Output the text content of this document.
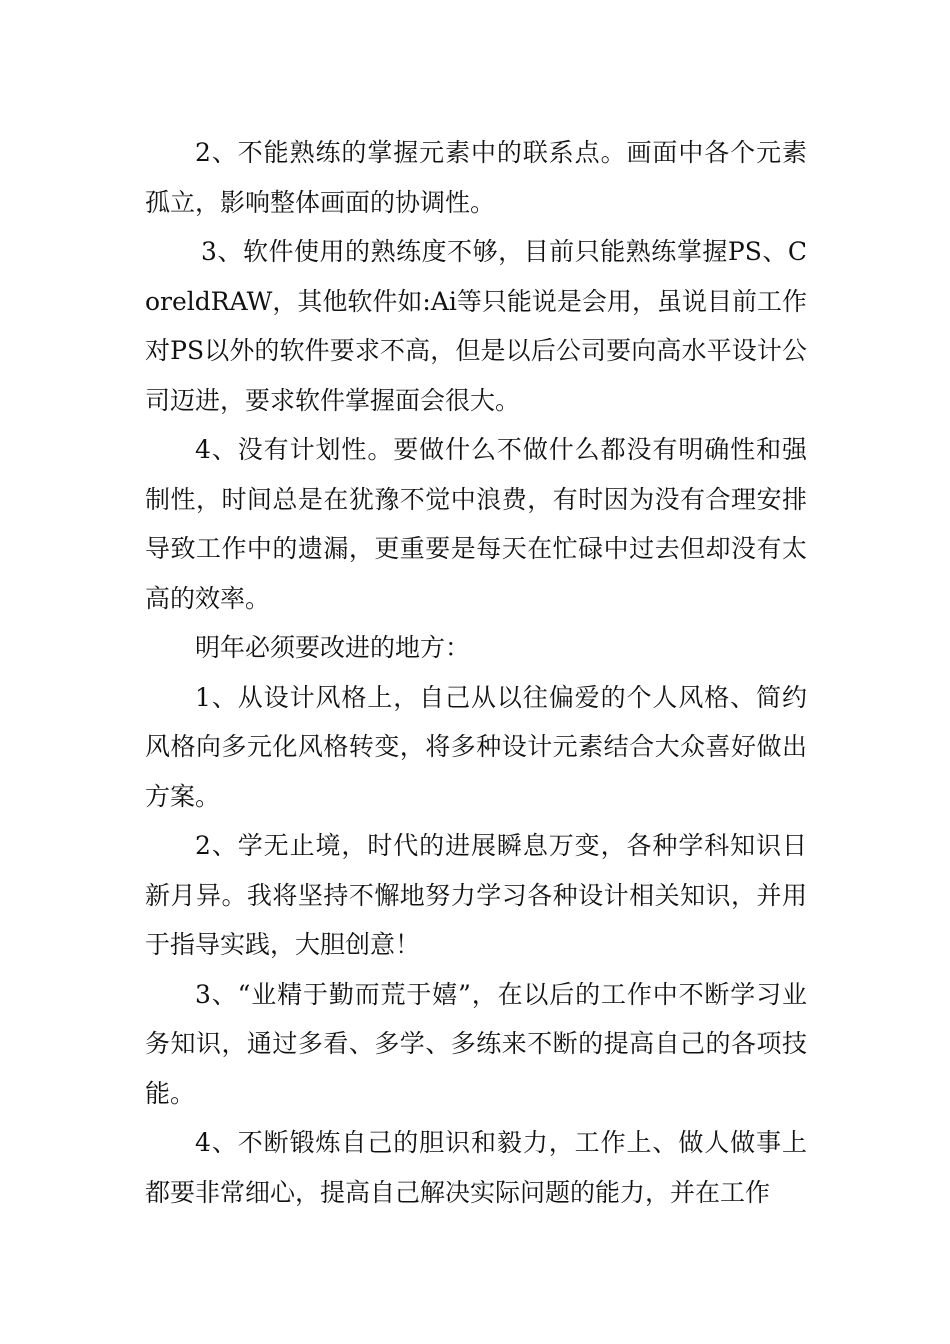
2、不能熟练的掌握元素中的联系点。画面中各个元素孤立，影响整体画面的协调性。

3、软件使用的熟练度不够，目前只能熟练掌握PS、CoreldRAW，其他软件如:Ai等只能说是会用，虽说目前工作对PS以外的软件要求不高，但是以后公司要向高水平设计公司迈进，要求软件掌握面会很大。

4、没有计划性。要做什么不做什么都没有明确性和强制性，时间总是在犹豫不觉中浪费，有时因为没有合理安排导致工作中的遗漏，更重要是每天在忙碌中过去但却没有太高的效率。

明年必须要改进的地方：

1、从设计风格上，自己从以往偏爱的个人风格、简约风格向多元化风格转变，将多种设计元素结合大众喜好做出方案。

2、学无止境，时代的进展瞬息万变，各种学科知识日新月异。我将坚持不懈地努力学习各种设计相关知识，并用于指导实践，大胆创意！

3、“业精于勤而荒于嬉”，在以后的工作中不断学习业务知识，通过多看、多学、多练来不断的提高自己的各项技能。

4、不断锻炼自己的胆识和毅力，工作上、做人做事上都要非常细心，提高自己解决实际问题的能力，并在工作
